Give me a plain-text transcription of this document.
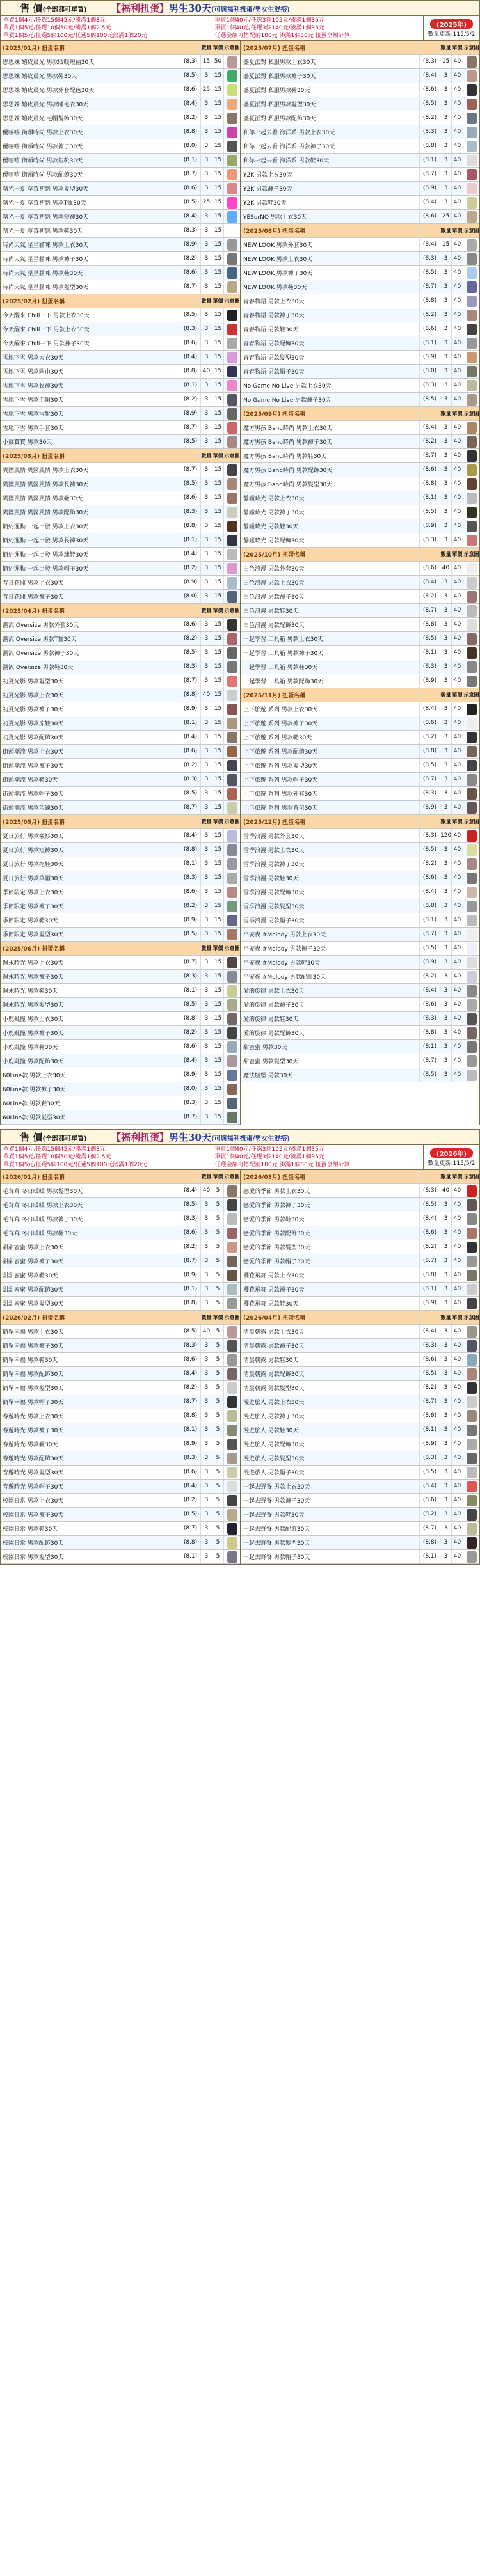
售 價(全部都可單買)	【福利扭蛋】男生30天(可與福利扭蛋/男女生混搭)
單買1個4元/任選15個45元/湊滿1個3元
單買1個5元/任選10個50元/湊滿1個2.5元
單買1個5元/任選5個100元/任選5個100元湊滿1個20元
單買1個40元/任選3個105元/湊滿1個35元
單買1個40元/任選3個140元/湊滿1個35元
任選金額可搭配前100元 湊滿1個80元 扭蛋全額計算
(2025年)
數量更新:115/5/2
(2025/01月) 扭蛋名稱	數量 單價 示意圖
思思妹 嬉皮晨光 男款暖暖短袖30天	(8.3) 15 50
思思妹 嬉皮晨光 男款鞋30天	(8.5)	3	15
思思妹 嬉皮晨光 男款外套配色30天	(8.6) 25 15
思思妹 嬉皮晨光 男款睡毛衣30天	(8.4)	3	15
思思妹 嬉皮晨光 毛帽髮飾30天	(8.2)	3	15
優嘻嘻 街頭時尚 男款上衣30天	(8.8)	3	15
優嘻嘻 街頭時尚 男款褲子30天	(8.0)	3	15
優嘻嘻 街頭時尚 男款短靴30天	(8.1)	3	15
優嘻嘻 街頭時尚 男款配飾30天	(8.7)	3	15
曙光一夏 草莓初戀 男款髮型30天	(8.6)	3	15
曙光一夏 草莓初戀 男款T恤30天	(8.5) 25 15
曙光一夏 草莓初戀 男款短褲30天	(8.4)	3	15
曙光一夏 草莓初戀 男款鞋30天	(8.3)	3	15
時尚天氣 星星貓咪 男款上衣30天	(8.9)	3	15
時尚天氣 星星貓咪 男款褲子30天	(8.2)	3	15
時尚天氣 星星貓咪 男款鞋30天	(8.6)	3	15
時尚天氣 星星貓咪 男款髮型30天	(8.7)	3	15
(2025/02月) 扭蛋名稱	數量 單價 示意圖
今天醒來 Chill一下 男款上衣30天	(8.5)	3	15
今天醒來 Chill一下 男款上衣30天	(8.3)	3	15
今天醒來 Chill一下 男款褲子30天	(8.6)	3	15
雪地下雪 男款大衣30天	(8.4)	3	15
雪地下雪 男款圍巾30天	(8.8) 40 15
雪地下雪 男款長褲30天	(8.1)	3	15
雪地下雪 男款毛帽30天	(8.2)	3	15
雪地下雪 男款雪靴30天	(8.9)	3	15
雪地下雪 男款手套30天	(8.7)	3	15
小雞寶寶 男款30天	(8.5)	3	15
(2025/03月) 扭蛋名稱	數量 單價 示意圖
異國風情 異國風情 男款上衣30天	(8.7)	3	15
異國風情 異國風情 男款長褲30天	(8.5)	3	15
異國風情 異國風情 男款鞋30天	(8.6)	3	15
異國風情 異國風情 男款配飾30天	(8.3)	3	15
簡約運動 一起出發 男款上衣30天	(8.8)	3	15
簡約運動 一起出發 男款長褲30天	(8.1)	3	15
簡約運動 一起出發 男款球鞋30天	(8.4)	3	15
簡約運動 一起出發 男款帽子30天	(8.2)	3	15
春日花開 男款上衣30天	(8.9)	3	15
春日花開 男款褲子30天	(8.0)	3	15
(2025/04月) 扭蛋名稱	數量 單價 示意圖
潮流 Oversize 男款外套30天	(8.6)	3	15
潮流 Oversize 男款T恤30天	(8.2)	3	15
潮流 Oversize 男款褲子30天	(8.5)	3	15
潮流 Oversize 男款鞋30天	(8.3)	3	15
初夏光影 男款髮型30天	(8.7)	3	15
初夏光影 男款上衣30天	(8.8) 40 15
初夏光影 男款褲子30天	(8.9)	3	15
初夏光影 男款涼鞋30天	(8.1)	3	15
初夏光影 男款配飾30天	(8.4)	3	15
街頭潮流 男款上衣30天	(8.6)	3	15
街頭潮流 男款褲子30天	(8.2)	3	15
街頭潮流 男款鞋30天	(8.3)	3	15
街頭潮流 男款帽子30天	(8.5)	3	15
街頭潮流 男款項鍊30天	(8.7)	3	15
(2025/05月) 扭蛋名稱	數量 單價 示意圖
夏日旅行 男款襯衫30天	(8.4)	3	15
夏日旅行 男款短褲30天	(8.8)	3	15
夏日旅行 男款拖鞋30天	(8.1)	3	15
夏日旅行 男款草帽30天	(8.3)	3	15
季節限定 男款上衣30天	(8.6)	3	15
季節限定 男款褲子30天	(8.2)	3	15
季節限定 男款鞋30天	(8.9)	3	15
季節限定 男款髮型30天	(8.5)	3	15
(2025/06月) 扭蛋名稱	數量 單價 示意圖
週末時光 男款上衣30天	(8.7)	3	15
週末時光 男款褲子30天	(8.3)	3	15
週末時光 男款鞋30天	(8.1)	3	15
週末時光 男款髮型30天	(8.5)	3	15
小鹿亂撞 男款上衣30天	(8.8)	3	15
小鹿亂撞 男款褲子30天	(8.2)	3	15
小鹿亂撞 男款鞋30天	(8.6)	3	15
小鹿亂撞 男款配飾30天	(8.4)	3	15
60Line款 男款上衣30天	(8.9)	3	15
60Line款 男款褲子30天	(8.0)	3	15
60Line款 男款鞋30天	(8.3)	3	15
60Line款 男款髮型30天	(8.7)	3	15
(2025/07月) 扭蛋名稱	數量 單價 示意圖
盛夏派對 私服男款上衣30天	(8.3) 15 40
盛夏派對 私服男款褲子30天	(8.4)	3	40
盛夏派對 私服男款鞋30天	(8.6)	3	40
盛夏派對 私服男款髮型30天	(8.5)	3	40
盛夏派對 私服男款配飾30天	(8.2)	3	40
和你一起去看 海洋系 男款上衣30天	(8.3)	3	40
和你一起去看 海洋系 男款褲子30天	(8.8)	3	40
和你一起去看 海洋系 男款鞋30天	(8.1)	3	40
Y2K 男款上衣30天	(8.7)	3	40
Y2K 男款褲子30天	(8.9)	3	40
Y2K 男款鞋30天	(8.4)	3	40
YESorNO 男款上衣30天	(8.6) 25 40
(2025/08月) 扭蛋名稱	數量 單價 示意圖
NEW LOOK 男款外套30天	(8.4) 15 40
NEW LOOK 男款上衣30天	(8.3)	3	40
NEW LOOK 男款褲子30天	(8.5)	3	40
NEW LOOK 男款鞋30天	(8.7)	3	40
青春物語 男款上衣30天	(8.8)	3	40
青春物語 男款褲子30天	(8.2)	3	40
青春物語 男款鞋30天	(8.6)	3	40
青春物語 男款配飾30天	(8.1)	3	40
青春物語 男款髮型30天	(8.9)	3	40
青春物語 男款帽子30天	(8.0)	3	40
No Game No Live 男款上衣30天	(8.3)	3	40
No Game No Live 男款褲子30天	(8.5)	3	40
(2025/09月) 扭蛋名稱	數量 單價 示意圖
魔方男孩 Bang時尚 男款上衣30天	(8.4)	3	40
魔方男孩 Bang時尚 男款褲子30天	(8.2)	3	40
魔方男孩 Bang時尚 男款鞋30天	(8.7)	3	40
魔方男孩 Bang時尚 男款配飾30天	(8.6)	3	40
魔方男孩 Bang時尚 男款髮型30天	(8.8)	3	40
靜謐時光 男款上衣30天	(8.1)	3	40
靜謐時光 男款褲子30天	(8.5)	3	40
靜謐時光 男款鞋30天	(8.9)	3	40
靜謐時光 男款配飾30天	(8.3)	3	40
(2025/10月) 扭蛋名稱	數量 單價 示意圖
白色浪漫 男款外套30天	(8.6) 40 40
白色浪漫 男款上衣30天	(8.4)	3	40
白色浪漫 男款褲子30天	(8.2)	3	40
白色浪漫 男款鞋30天	(8.7)	3	40
白色浪漫 男款配飾30天	(8.8)	3	40
一起學習 工具箱 男款上衣30天	(8.5)	3	40
一起學習 工具箱 男款褲子30天	(8.1)	3	40
一起學習 工具箱 男款鞋30天	(8.3)	3	40
一起學習 工具箱 男款配飾30天	(8.9)	3	40
(2025/11月) 扭蛋名稱	數量 單價 示意圖
上下旅遊 系列 男款上衣30天	(8.4)	3	40
上下旅遊 系列 男款褲子30天	(8.6)	3	40
上下旅遊 系列 男款鞋30天	(8.2)	3	40
上下旅遊 系列 男款配飾30天	(8.8)	3	40
上下旅遊 系列 男款髮型30天	(8.5)	3	40
上下旅遊 系列 男款帽子30天	(8.7)	3	40
上下旅遊 系列 男款外套30天	(8.3)	3	40
上下旅遊 系列 男款背包30天	(8.9)	3	40
(2025/12月) 扭蛋名稱	數量 單價 示意圖
雪季浪漫 男款外套30天	(8.3) 120 40
雪季浪漫 男款上衣30天	(8.5)	3	40
雪季浪漫 男款褲子30天	(8.2)	3	40
雪季浪漫 男款鞋30天	(8.6)	3	40
雪季浪漫 男款配飾30天	(8.4)	3	40
雪季浪漫 男款髮型30天	(8.8)	3	40
雪季浪漫 男款帽子30天	(8.1)	3	40
平安夜 #Melody 男款上衣30天	(8.7)	3	40
平安夜 #Melody 男款褲子30天	(8.5)	3	40
平安夜 #Melody 男款鞋30天	(8.9)	3	40
平安夜 #Melody 男款配飾30天	(8.2)	3	40
愛的旋律 男款上衣30天	(8.4)	3	40
愛的旋律 男款褲子30天	(8.6)	3	40
愛的旋律 男款鞋30天	(8.3)	3	40
愛的旋律 男款配飾30天	(8.8)	3	40
甜蜜蜜 男款30天	(8.1)	3	40
甜蜜蜜 男款髮型30天	(8.7)	3	40
魔法城堡 男款30天	(8.5)	3	40
售 價(全部都可單買)	【福利扭蛋】男生30天(可與福利扭蛋/男女生混搭)
單買1個4元/任選15個45元/湊滿1個3元
單買1個5元/任選10個50元/湊滿1個2.5元
單買1個5元/任選5個100元/任選5個100元湊滿1個20元
單買1個40元/任選3個105元/湊滿1個35元
單買1個40元/任選3個140元/湊滿1個35元
任選金額可搭配前100元 湊滿1個80元 扭蛋全額計算
(2026年)
數量更新:115/5/2
(2026/01月) 扭蛋名稱	數量 單價 示意圖
毛茸茸 冬日暖暖 男款髮型30天	(8.4) 40	5
毛茸茸 冬日暖暖 男款上衣30天	(8.5)	3	5
毛茸茸 冬日暖暖 男款褲子30天	(8.3)	3	5
毛茸茸 冬日暖暖 男款鞋30天	(8.6)	3	5
甜甜蜜蜜 男款上衣30天	(8.2)	3	5
甜甜蜜蜜 男款褲子30天	(8.7)	3	5
甜甜蜜蜜 男款鞋30天	(8.9)	3	5
甜甜蜜蜜 男款配飾30天	(8.1)	3	5
甜甜蜜蜜 男款髮型30天	(8.8)	3	5
(2026/02月) 扭蛋名稱	數量 單價 示意圖
簡單幸福 男款上衣30天	(8.5) 40	5
簡單幸福 男款褲子30天	(8.3)	3	5
簡單幸福 男款鞋30天	(8.6)	3	5
簡單幸福 男款配飾30天	(8.4)	3	5
簡單幸福 男款髮型30天	(8.2)	3	5
簡單幸福 男款帽子30天	(8.7)	3	5
春遊時光 男款上衣30天	(8.8)	3	5
春遊時光 男款褲子30天	(8.1)	3	5
春遊時光 男款鞋30天	(8.9)	3	5
春遊時光 男款配飾30天	(8.3)	3	5
春遊時光 男款髮型30天	(8.6)	3	5
春遊時光 男款帽子30天	(8.4)	3	5
校園日常 男款上衣30天	(8.2)	3	5
校園日常 男款褲子30天	(8.5)	3	5
校園日常 男款鞋30天	(8.7)	3	5
校園日常 男款配飾30天	(8.8)	3	5
校園日常 男款髮型30天	(8.1)	3	5
(2026/03月) 扭蛋名稱	數量 單價 示意圖
戀愛的季節 男款上衣30天	(8.3) 40 40
戀愛的季節 男款褲子30天	(8.5)	3	40
戀愛的季節 男款鞋30天	(8.4)	3	40
戀愛的季節 男款配飾30天	(8.6)	3	40
戀愛的季節 男款髮型30天	(8.2)	3	40
戀愛的季節 男款帽子30天	(8.7)	3	40
櫻花飛舞 男款上衣30天	(8.8)	3	40
櫻花飛舞 男款褲子30天	(8.1)	3	40
櫻花飛舞 男款鞋30天	(8.9)	3	40
(2026/04月) 扭蛋名稱	數量 單價 示意圖
清晨朝露 男款上衣30天	(8.4)	3	40
清晨朝露 男款褲子30天	(8.3)	3	40
清晨朝露 男款鞋30天	(8.6)	3	40
清晨朝露 男款配飾30天	(8.5)	3	40
清晨朝露 男款髮型30天	(8.2)	3	40
漫遊旅人 男款上衣30天	(8.7)	3	40
漫遊旅人 男款褲子30天	(8.8)	3	40
漫遊旅人 男款鞋30天	(8.1)	3	40
漫遊旅人 男款配飾30天	(8.9)	3	40
漫遊旅人 男款髮型30天	(8.3)	3	40
漫遊旅人 男款帽子30天	(8.5)	3	40
一起去野餐 男款上衣30天	(8.4)	3	40
一起去野餐 男款褲子30天	(8.6)	3	40
一起去野餐 男款鞋30天	(8.2)	3	40
一起去野餐 男款配飾30天	(8.7)	3	40
一起去野餐 男款髮型30天	(8.8)	3	40
一起去野餐 男款帽子30天	(8.1)	3	40
